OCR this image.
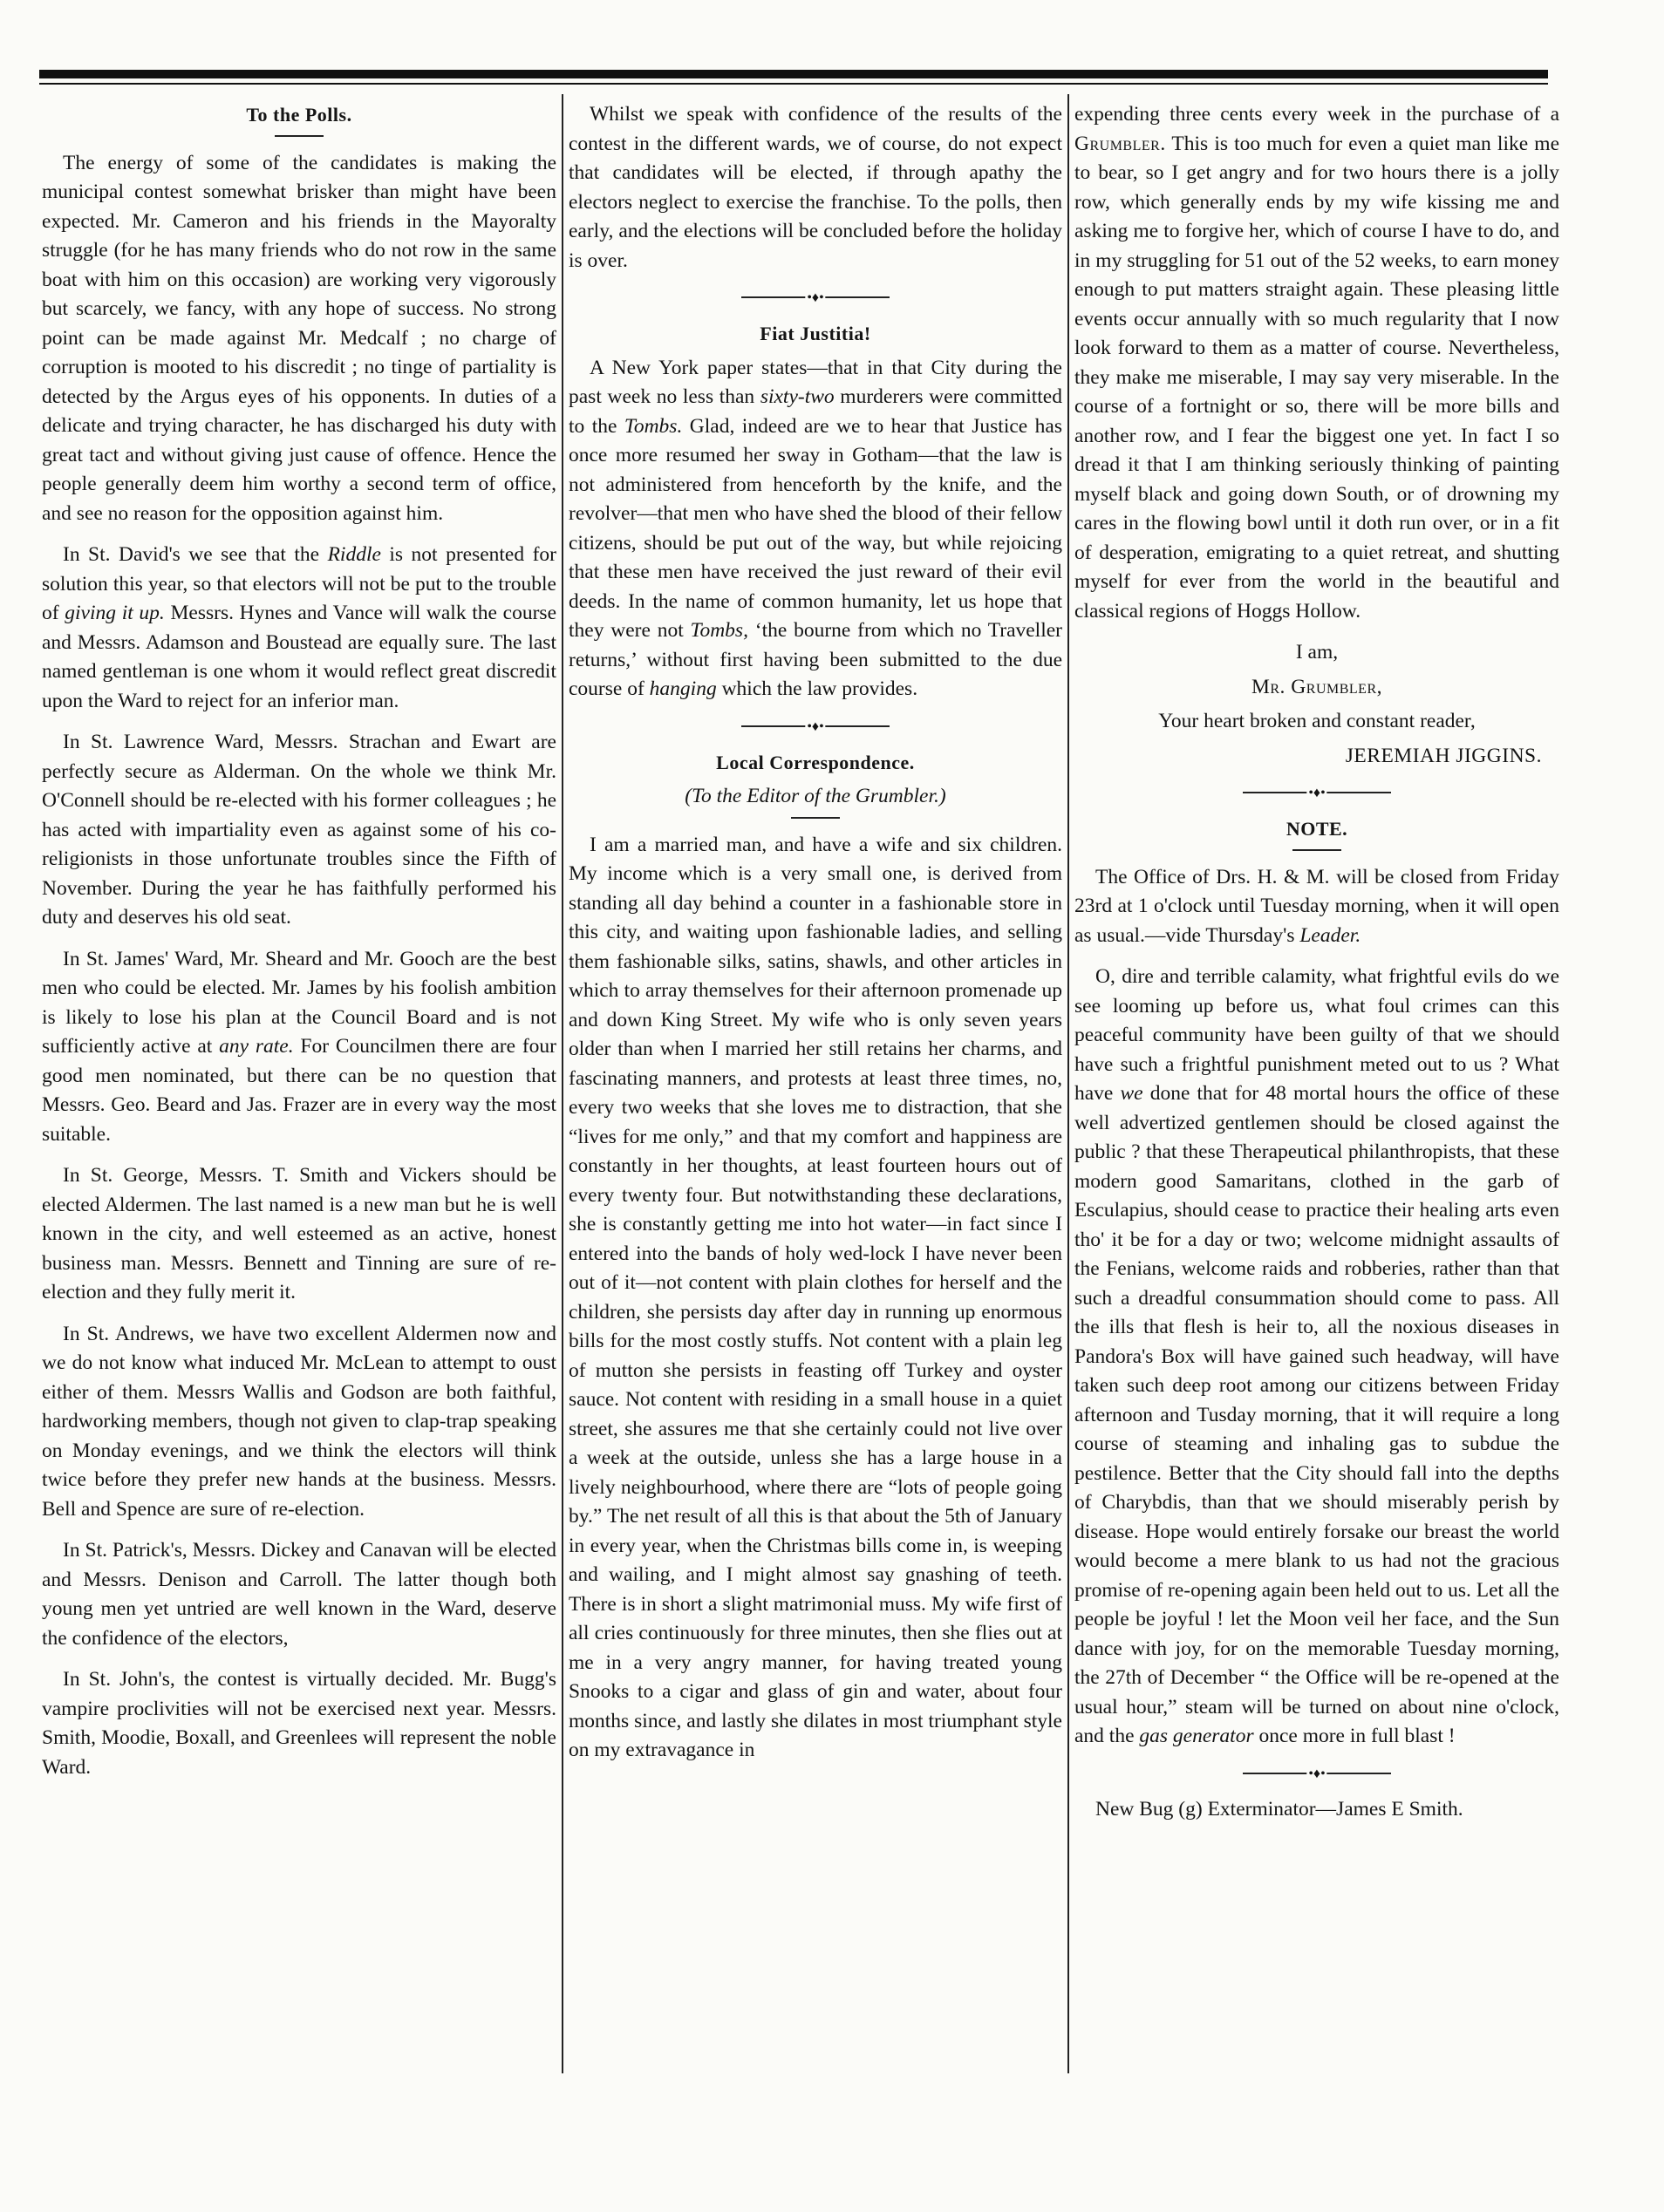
To the Polls.

The energy of some of the candidates is making the municipal contest somewhat brisker than might have been expected. Mr. Cameron and his friends in the Mayoralty struggle (for he has many friends who do not row in the same boat with him on this occasion) are working very vigorously but scarcely, we fancy, with any hope of success. No strong point can be made against Mr. Medcalf ; no charge of corruption is mooted to his discredit ; no tinge of partiality is detected by the Argus eyes of his opponents. In duties of a delicate and trying character, he has discharged his duty with great tact and without giving just cause of offence. Hence the people generally deem him worthy a second term of office, and see no reason for the opposition against him.

In St. David's we see that the Riddle is not presented for solution this year, so that electors will not be put to the trouble of giving it up. Messrs. Hynes and Vance will walk the course and Messrs. Adamson and Boustead are equally sure. The last named gentleman is one whom it would reflect great discredit upon the Ward to reject for an inferior man.

In St. Lawrence Ward, Messrs. Strachan and Ewart are perfectly secure as Alderman. On the whole we think Mr. O'Connell should be re-elected with his former colleagues ; he has acted with impartiality even as against some of his co-religionists in those unfortunate troubles since the Fifth of November. During the year he has faithfully performed his duty and deserves his old seat.

In St. James' Ward, Mr. Sheard and Mr. Gooch are the best men who could be elected. Mr. James by his foolish ambition is likely to lose his plan at the Council Board and is not sufficiently active at any rate. For Councilmen there are four good men nominated, but there can be no question that Messrs. Geo. Beard and Jas. Frazer are in every way the most suitable.

In St. George, Messrs. T. Smith and Vickers should be elected Aldermen. The last named is a new man but he is well known in the city, and well esteemed as an active, honest business man. Messrs. Bennett and Tinning are sure of re-election and they fully merit it.

In St. Andrews, we have two excellent Aldermen now and we do not know what induced Mr. McLean to attempt to oust either of them. Messrs Wallis and Godson are both faithful, hardworking members, though not given to clap-trap speaking on Monday evenings, and we think the electors will think twice before they prefer new hands at the business. Messrs. Bell and Spence are sure of re-election.

In St. Patrick's, Messrs. Dickey and Canavan will be elected and Messrs. Denison and Carroll. The latter though both young men yet untried are well known in the Ward, deserve the confidence of the electors,

In St. John's, the contest is virtually decided. Mr. Bugg's vampire proclivities will not be exercised next year. Messrs. Smith, Moodie, Boxall, and Greenlees will represent the noble Ward.

Whilst we speak with confidence of the results of the contest in the different wards, we of course, do not expect that candidates will be elected, if through apathy the electors neglect to exercise the franchise. To the polls, then early, and the elections will be concluded before the holiday is over.

•♦•
Fiat Justitia!

A New York paper states—that in that City during the past week no less than sixty-two murderers were committed to the Tombs. Glad, indeed are we to hear that Justice has once more resumed her sway in Gotham—that the law is not administered from henceforth by the knife, and the revolver—that men who have shed the blood of their fellow citizens, should be put out of the way, but while rejoicing that these men have received the just reward of their evil deeds. In the name of common humanity, let us hope that they were not Tombs, ‘the bourne from which no Traveller returns,’ without first having been submitted to the due course of hanging which the law provides.

•♦•
Local Correspondence.
(To the Editor of the Grumbler.)

I am a married man, and have a wife and six children. My income which is a very small one, is derived from standing all day behind a counter in a fashionable store in this city, and waiting upon fashionable ladies, and selling them fashionable silks, satins, shawls, and other articles in which to array themselves for their afternoon promenade up and down King Street. My wife who is only seven years older than when I married her still retains her charms, and fascinating manners, and protests at least three times, no, every two weeks that she loves me to distraction, that she “lives for me only,” and that my comfort and happiness are constantly in her thoughts, at least fourteen hours out of every twenty four. But notwithstanding these declarations, she is constantly getting me into hot water—in fact since I entered into the bands of holy wed-lock I have never been out of it—not content with plain clothes for herself and the children, she persists day after day in running up enormous bills for the most costly stuffs. Not content with a plain leg of mutton she persists in feasting off Turkey and oyster sauce. Not content with residing in a small house in a quiet street, she assures me that she certainly could not live over a week at the outside, unless she has a large house in a lively neighbourhood, where there are “lots of people going by.” The net result of all this is that about the 5th of January in every year, when the Christmas bills come in, is weeping and wailing, and I might almost say gnashing of teeth. There is in short a slight matrimonial muss. My wife first of all cries continuously for three minutes, then she flies out at me in a very angry manner, for having treated young Snooks to a cigar and glass of gin and water, about four months since, and lastly she dilates in most triumphant style on my extravagance in

expending three cents every week in the purchase of a Grumbler. This is too much for even a quiet man like me to bear, so I get angry and for two hours there is a jolly row, which generally ends by my wife kissing me and asking me to forgive her, which of course I have to do, and in my struggling for 51 out of the 52 weeks, to earn money enough to put matters straight again. These pleasing little events occur annually with so much regularity that I now look forward to them as a matter of course. Nevertheless, they make me miserable, I may say very miserable. In the course of a fortnight or so, there will be more bills and another row, and I fear the biggest one yet. In fact I so dread it that I am thinking seriously thinking of painting myself black and going down South, or of drowning my cares in the flowing bowl until it doth run over, or in a fit of desperation, emigrating to a quiet retreat, and shutting myself for ever from the world in the beautiful and classical regions of Hoggs Hollow.

I am,

Mr. Grumbler,

Your heart broken and constant reader,

JEREMIAH JIGGINS.

•♦•
NOTE.

The Office of Drs. H. & M. will be closed from Friday 23rd at 1 o'clock until Tuesday morning, when it will open as usual.—vide Thursday's Leader.

O, dire and terrible calamity, what frightful evils do we see looming up before us, what foul crimes can this peaceful community have been guilty of that we should have such a frightful punishment meted out to us ? What have we done that for 48 mortal hours the office of these well advertized gentlemen should be closed against the public ? that these Therapeutical philanthropists, that these modern good Samaritans, clothed in the garb of Esculapius, should cease to practice their healing arts even tho' it be for a day or two; welcome midnight assaults of the Fenians, welcome raids and robberies, rather than that such a dreadful consummation should come to pass. All the ills that flesh is heir to, all the noxious diseases in Pandora's Box will have gained such headway, will have taken such deep root among our citizens between Friday afternoon and Tusday morning, that it will require a long course of steaming and inhaling gas to subdue the pestilence. Better that the City should fall into the depths of Charybdis, than that we should miserably perish by disease. Hope would entirely forsake our breast the world would become a mere blank to us had not the gracious promise of re-opening again been held out to us. Let all the people be joyful ! let the Moon veil her face, and the Sun dance with joy, for on the memorable Tuesday morning, the 27th of December “ the Office will be re-opened at the usual hour,” steam will be turned on about nine o'clock, and the gas generator once more in full blast !

•♦•

New Bug (g) Exterminator—James E Smith.
